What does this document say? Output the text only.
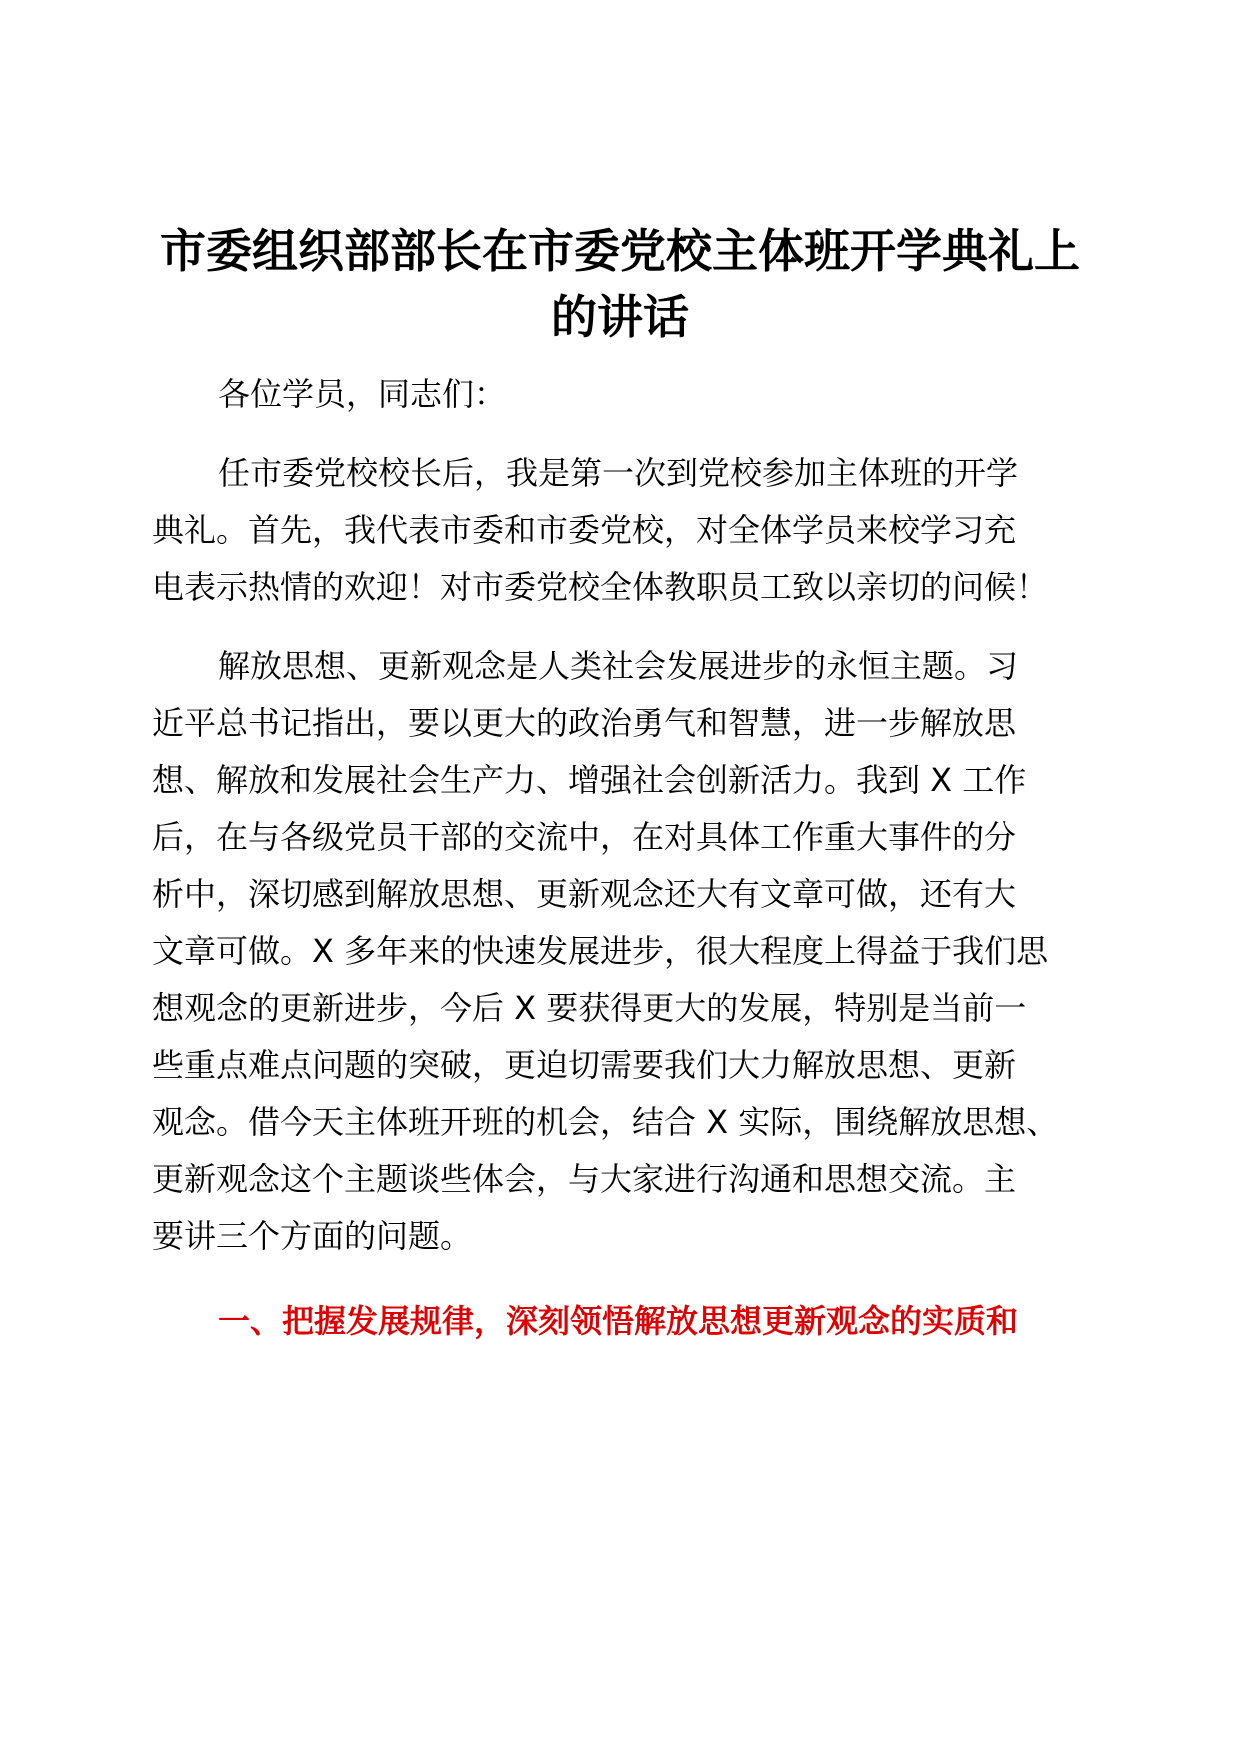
市委组织部部长在市委党校主体班开学典礼上
的讲话

各位学员，同志们：

任市委党校校长后，我是第一次到党校参加主体班的开学

典礼。首先，我代表市委和市委党校，对全体学员来校学习充

电表示热情的欢迎！对市委党校全体教职员工致以亲切的问候！

解放思想、更新观念是人类社会发展进步的永恒主题。习

近平总书记指出，要以更大的政治勇气和智慧，进一步解放思

想、解放和发展社会生产力、增强社会创新活力。我到 X 工作

后，在与各级党员干部的交流中，在对具体工作重大事件的分

析中，深切感到解放思想、更新观念还大有文章可做，还有大

文章可做。X 多年来的快速发展进步，很大程度上得益于我们思

想观念的更新进步，今后 X 要获得更大的发展，特别是当前一

些重点难点问题的突破，更迫切需要我们大力解放思想、更新

观念。借今天主体班开班的机会，结合 X 实际，围绕解放思想、

更新观念这个主题谈些体会，与大家进行沟通和思想交流。主

要讲三个方面的问题。

一、把握发展规律，深刻领悟解放思想更新观念的实质和
